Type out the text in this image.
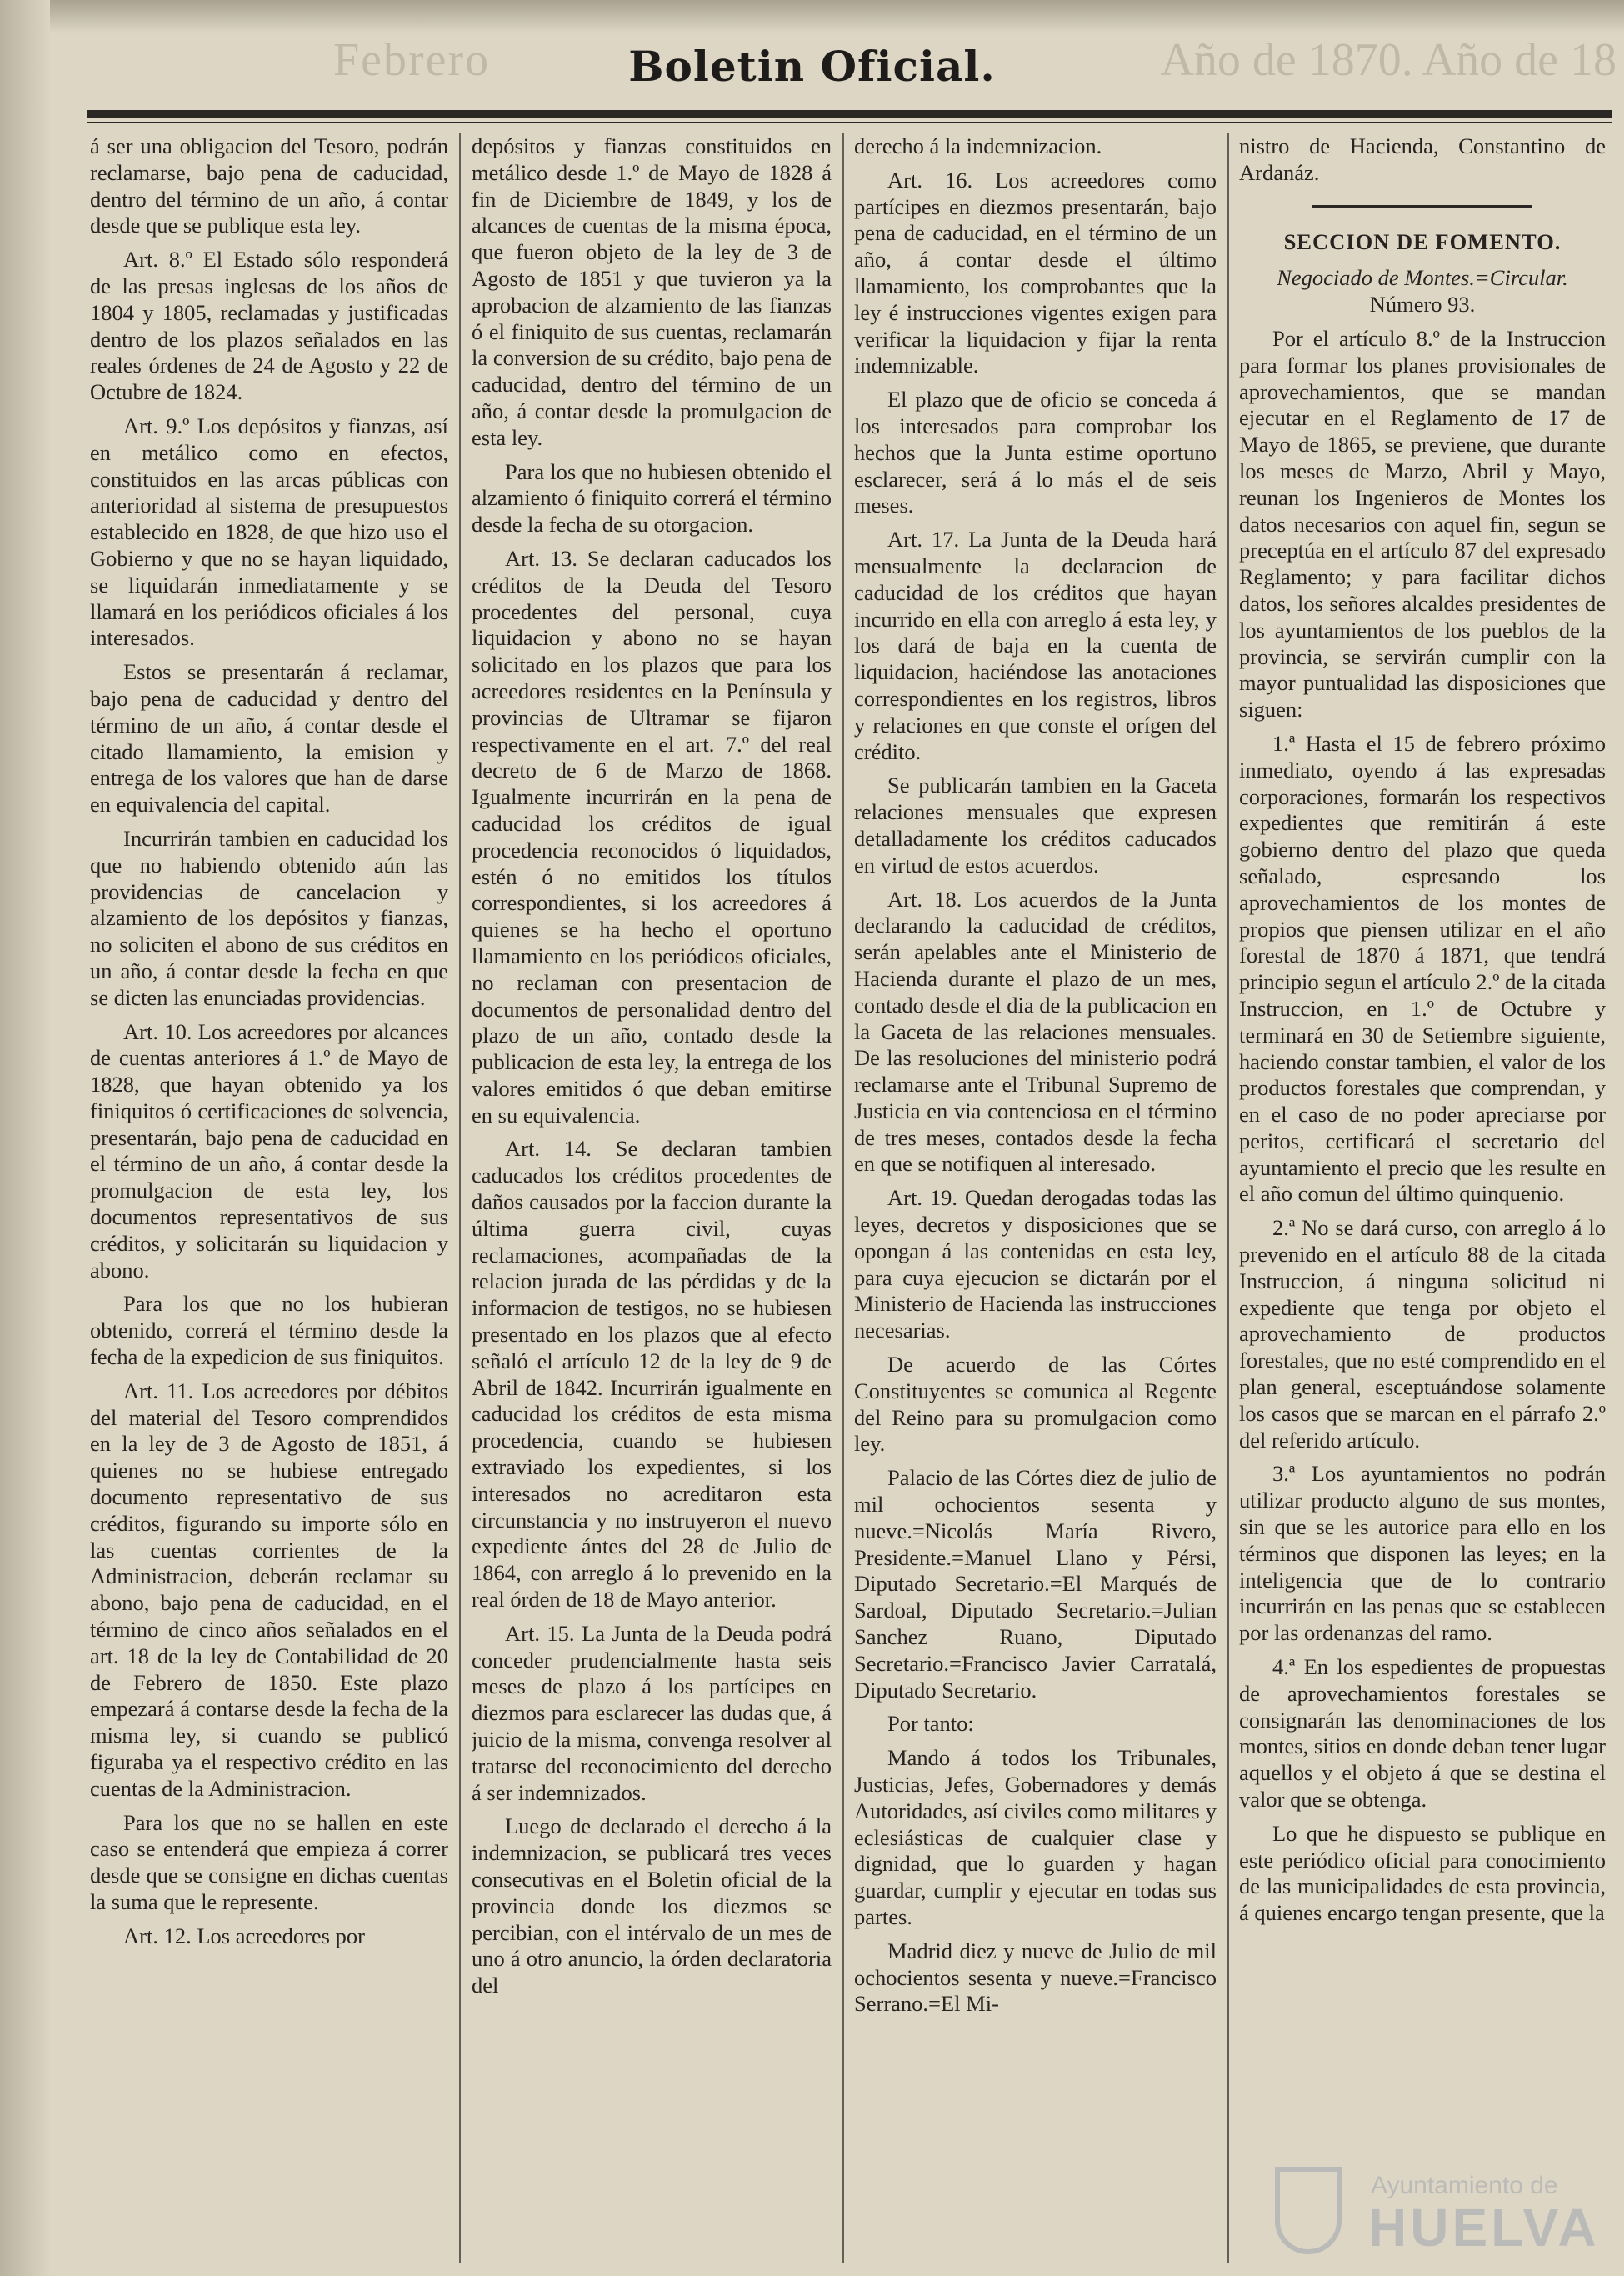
Febrero	Año de 1870. Año de 18
Boletin Oficial.

á ser una obligacion del Tesoro, podrán reclamarse, bajo pena de caducidad, dentro del término de un año, á contar desde que se publique esta ley.

Art. 8.º El Estado sólo responderá de las presas inglesas de los años de 1804 y 1805, reclamadas y justificadas dentro de los plazos señalados en las reales órdenes de 24 de Agosto y 22 de Octubre de 1824.

Art. 9.º Los depósitos y fianzas, así en metálico como en efectos, constituidos en las arcas públicas con anterioridad al sistema de presupuestos establecido en 1828, de que hizo uso el Gobierno y que no se hayan liquidado, se liquidarán inmediatamente y se llamará en los periódicos oficiales á los interesados.

Estos se presentarán á reclamar, bajo pena de caducidad y dentro del término de un año, á contar desde el citado llamamiento, la emision y entrega de los valores que han de darse en equivalencia del capital.

Incurrirán tambien en caducidad los que no habiendo obtenido aún las providencias de cancelacion y alzamiento de los depósitos y fianzas, no soliciten el abono de sus créditos en un año, á contar desde la fecha en que se dicten las enunciadas providencias.

Art. 10. Los acreedores por alcances de cuentas anteriores á 1.º de Mayo de 1828, que hayan obtenido ya los finiquitos ó certificaciones de solvencia, presentarán, bajo pena de caducidad en el término de un año, á contar desde la promulgacion de esta ley, los documentos representativos de sus créditos, y solicitarán su liquidacion y abono.

Para los que no los hubieran obtenido, correrá el término desde la fecha de la expedicion de sus finiquitos.

Art. 11. Los acreedores por débitos del material del Tesoro comprendidos en la ley de 3 de Agosto de 1851, á quienes no se hubiese entregado documento representativo de sus créditos, figurando su importe sólo en las cuentas corrientes de la Administracion, deberán reclamar su abono, bajo pena de caducidad, en el término de cinco años señalados en el art. 18 de la ley de Contabilidad de 20 de Febrero de 1850. Este plazo empezará á contarse desde la fecha de la misma ley, si cuando se publicó figuraba ya el respectivo crédito en las cuentas de la Administracion.

Para los que no se hallen en este caso se entenderá que empieza á correr desde que se consigne en dichas cuentas la suma que le represente.

Art. 12. Los acreedores por

depósitos y fianzas constituidos en metálico desde 1.º de Mayo de 1828 á fin de Diciembre de 1849, y los de alcances de cuentas de la misma época, que fueron objeto de la ley de 3 de Agosto de 1851 y que tuvieron ya la aprobacion de alzamiento de las fianzas ó el finiquito de sus cuentas, reclamarán la conversion de su crédito, bajo pena de caducidad, dentro del término de un año, á contar desde la promulgacion de esta ley.

Para los que no hubiesen obtenido el alzamiento ó finiquito correrá el término desde la fecha de su otorgacion.

Art. 13. Se declaran caducados los créditos de la Deuda del Tesoro procedentes del personal, cuya liquidacion y abono no se hayan solicitado en los plazos que para los acreedores residentes en la Península y provincias de Ultramar se fijaron respectivamente en el art. 7.º del real decreto de 6 de Marzo de 1868. Igualmente incurrirán en la pena de caducidad los créditos de igual procedencia reconocidos ó liquidados, estén ó no emitidos los títulos correspondientes, si los acreedores á quienes se ha hecho el oportuno llamamiento en los periódicos oficiales, no reclaman con presentacion de documentos de personalidad dentro del plazo de un año, contado desde la publicacion de esta ley, la entrega de los valores emitidos ó que deban emitirse en su equivalencia.

Art. 14. Se declaran tambien caducados los créditos procedentes de daños causados por la faccion durante la última guerra civil, cuyas reclamaciones, acompañadas de la relacion jurada de las pérdidas y de la informacion de testigos, no se hubiesen presentado en los plazos que al efecto señaló el artículo 12 de la ley de 9 de Abril de 1842. Incurrirán igualmente en caducidad los créditos de esta misma procedencia, cuando se hubiesen extraviado los expedientes, si los interesados no acreditaron esta circunstancia y no instruyeron el nuevo expediente ántes del 28 de Julio de 1864, con arreglo á lo prevenido en la real órden de 18 de Mayo anterior.

Art. 15. La Junta de la Deuda podrá conceder prudencialmente hasta seis meses de plazo á los partícipes en diezmos para esclarecer las dudas que, á juicio de la misma, convenga resolver al tratarse del reconocimiento del derecho á ser indemnizados.

Luego de declarado el derecho á la indemnizacion, se publicará tres veces consecutivas en el Boletin oficial de la provincia donde los diezmos se percibian, con el intérvalo de un mes de uno á otro anuncio, la órden declaratoria del

derecho á la indemnizacion.

Art. 16. Los acreedores como partícipes en diezmos presentarán, bajo pena de caducidad, en el término de un año, á contar desde el último llamamiento, los comprobantes que la ley é instrucciones vigentes exigen para verificar la liquidacion y fijar la renta indemnizable.

El plazo que de oficio se conceda á los interesados para comprobar los hechos que la Junta estime oportuno esclarecer, será á lo más el de seis meses.

Art. 17. La Junta de la Deuda hará mensualmente la declaracion de caducidad de los créditos que hayan incurrido en ella con arreglo á esta ley, y los dará de baja en la cuenta de liquidacion, haciéndose las anotaciones correspondientes en los registros, libros y relaciones en que conste el orígen del crédito.

Se publicarán tambien en la Gaceta relaciones mensuales que expresen detalladamente los créditos caducados en virtud de estos acuerdos.

Art. 18. Los acuerdos de la Junta declarando la caducidad de créditos, serán apelables ante el Ministerio de Hacienda durante el plazo de un mes, contado desde el dia de la publicacion en la Gaceta de las relaciones mensuales. De las resoluciones del ministerio podrá reclamarse ante el Tribunal Supremo de Justicia en via contenciosa en el término de tres meses, contados desde la fecha en que se notifiquen al interesado.

Art. 19. Quedan derogadas todas las leyes, decretos y disposiciones que se opongan á las contenidas en esta ley, para cuya ejecucion se dictarán por el Ministerio de Hacienda las instrucciones necesarias.

De acuerdo de las Córtes Constituyentes se comunica al Regente del Reino para su promulgacion como ley.

Palacio de las Córtes diez de julio de mil ochocientos sesenta y nueve.=Nicolás María Rivero, Presidente.=Manuel Llano y Pérsi, Diputado Secretario.=El Marqués de Sardoal, Diputado Secretario.=Julian Sanchez Ruano, Diputado Secretario.=Francisco Javier Carratalá, Diputado Secretario.

Por tanto:

Mando á todos los Tribunales, Justicias, Jefes, Gobernadores y demás Autoridades, así civiles como militares y eclesiásticas de cualquier clase y dignidad, que lo guarden y hagan guardar, cumplir y ejecutar en todas sus partes.

Madrid diez y nueve de Julio de mil ochocientos sesenta y nueve.=Francisco Serrano.=El Mi-

nistro de Hacienda, Constantino de Ardanáz.

SECCION DE FOMENTO.

Negociado de Montes.=Circular.

Número 93.

Por el artículo 8.º de la Instruccion para formar los planes provisionales de aprovechamientos, que se mandan ejecutar en el Reglamento de 17 de Mayo de 1865, se previene, que durante los meses de Marzo, Abril y Mayo, reunan los Ingenieros de Montes los datos necesarios con aquel fin, segun se preceptúa en el artículo 87 del expresado Reglamento; y para facilitar dichos datos, los señores alcaldes presidentes de los ayuntamientos de los pueblos de la provincia, se servirán cumplir con la mayor puntualidad las disposiciones que siguen:

1.ª Hasta el 15 de febrero próximo inmediato, oyendo á las expresadas corporaciones, formarán los respectivos expedientes que remitirán á este gobierno dentro del plazo que queda señalado, espresando los aprovechamientos de los montes de propios que piensen utilizar en el año forestal de 1870 á 1871, que tendrá principio segun el artículo 2.º de la citada Instruccion, en 1.º de Octubre y terminará en 30 de Setiembre siguiente, haciendo constar tambien, el valor de los productos forestales que comprendan, y en el caso de no poder apreciarse por peritos, certificará el secretario del ayuntamiento el precio que les resulte en el año comun del último quinquenio.

2.ª No se dará curso, con arreglo á lo prevenido en el artículo 88 de la citada Instruccion, á ninguna solicitud ni expediente que tenga por objeto el aprovechamiento de productos forestales, que no esté comprendido en el plan general, esceptuándose solamente los casos que se marcan en el párrafo 2.º del referido artículo.

3.ª Los ayuntamientos no podrán utilizar producto alguno de sus montes, sin que se les autorice para ello en los términos que disponen las leyes; en la inteligencia que de lo contrario incurrirán en las penas que se establecen por las ordenanzas del ramo.

4.ª En los espedientes de propuestas de aprovechamientos forestales se consignarán las denominaciones de los montes, sitios en donde deban tener lugar aquellos y el objeto á que se destina el valor que se obtenga.

Lo que he dispuesto se publique en este periódico oficial para conocimiento de las municipalidades de esta provincia, á quienes encargo tengan presente, que la

Ayuntamiento de
HUELVA
